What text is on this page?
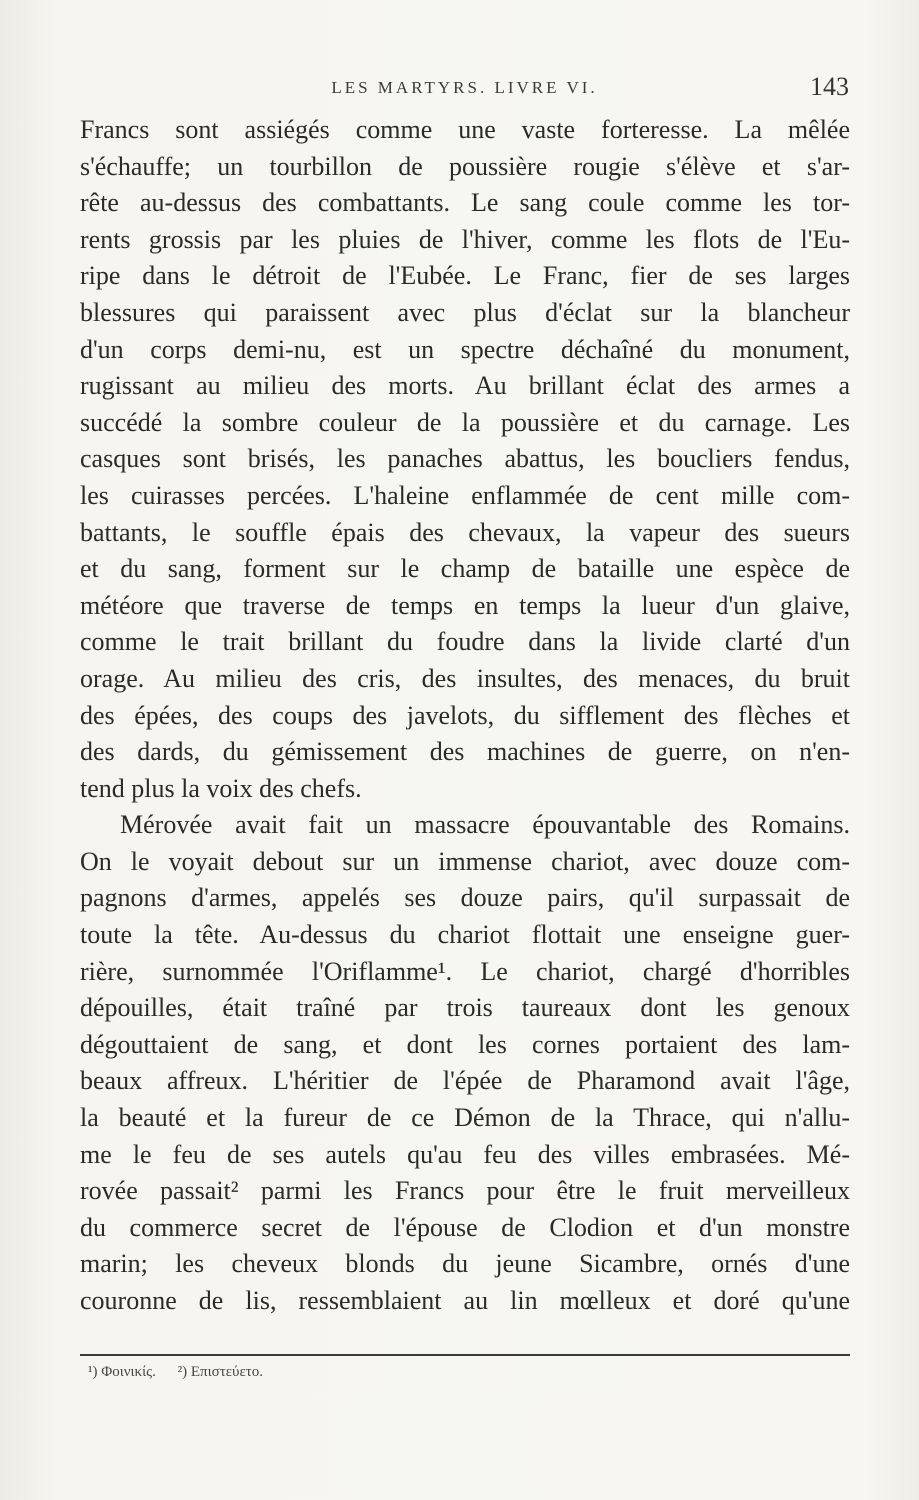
LES MARTYRS. LIVRE VI.	143
Francs sont assiégés comme une vaste forteresse. La mêlée
s'échauffe; un tourbillon de poussière rougie s'élève et s'ar-
rête au-dessus des combattants. Le sang coule comme les tor-
rents grossis par les pluies de l'hiver, comme les flots de l'Eu-
ripe dans le détroit de l'Eubée. Le Franc, fier de ses larges
blessures qui paraissent avec plus d'éclat sur la blancheur
d'un corps demi-nu, est un spectre déchaîné du monument,
rugissant au milieu des morts. Au brillant éclat des armes a
succédé la sombre couleur de la poussière et du carnage. Les
casques sont brisés, les panaches abattus, les boucliers fendus,
les cuirasses percées. L'haleine enflammée de cent mille com-
battants, le souffle épais des chevaux, la vapeur des sueurs
et du sang, forment sur le champ de bataille une espèce de
météore que traverse de temps en temps la lueur d'un glaive,
comme le trait brillant du foudre dans la livide clarté d'un
orage. Au milieu des cris, des insultes, des menaces, du bruit
des épées, des coups des javelots, du sifflement des flèches et
des dards, du gémissement des machines de guerre, on n'en-
tend plus la voix des chefs.
Mérovée avait fait un massacre épouvantable des Romains.
On le voyait debout sur un immense chariot, avec douze com-
pagnons d'armes, appelés ses douze pairs, qu'il surpassait de
toute la tête. Au-dessus du chariot flottait une enseigne guer-
rière, surnommée l'Oriflamme¹. Le chariot, chargé d'horribles
dépouilles, était traîné par trois taureaux dont les genoux
dégouttaient de sang, et dont les cornes portaient des lam-
beaux affreux. L'héritier de l'épée de Pharamond avait l'âge,
la beauté et la fureur de ce Démon de la Thrace, qui n'allu-
me le feu de ses autels qu'au feu des villes embrasées. Mé-
rovée passait² parmi les Francs pour être le fruit merveilleux
du commerce secret de l'épouse de Clodion et d'un monstre
marin; les cheveux blonds du jeune Sicambre, ornés d'une
couronne de lis, ressemblaient au lin mœlleux et doré qu'une
¹) Φοινικίς. ²) Επιστεύετο.
